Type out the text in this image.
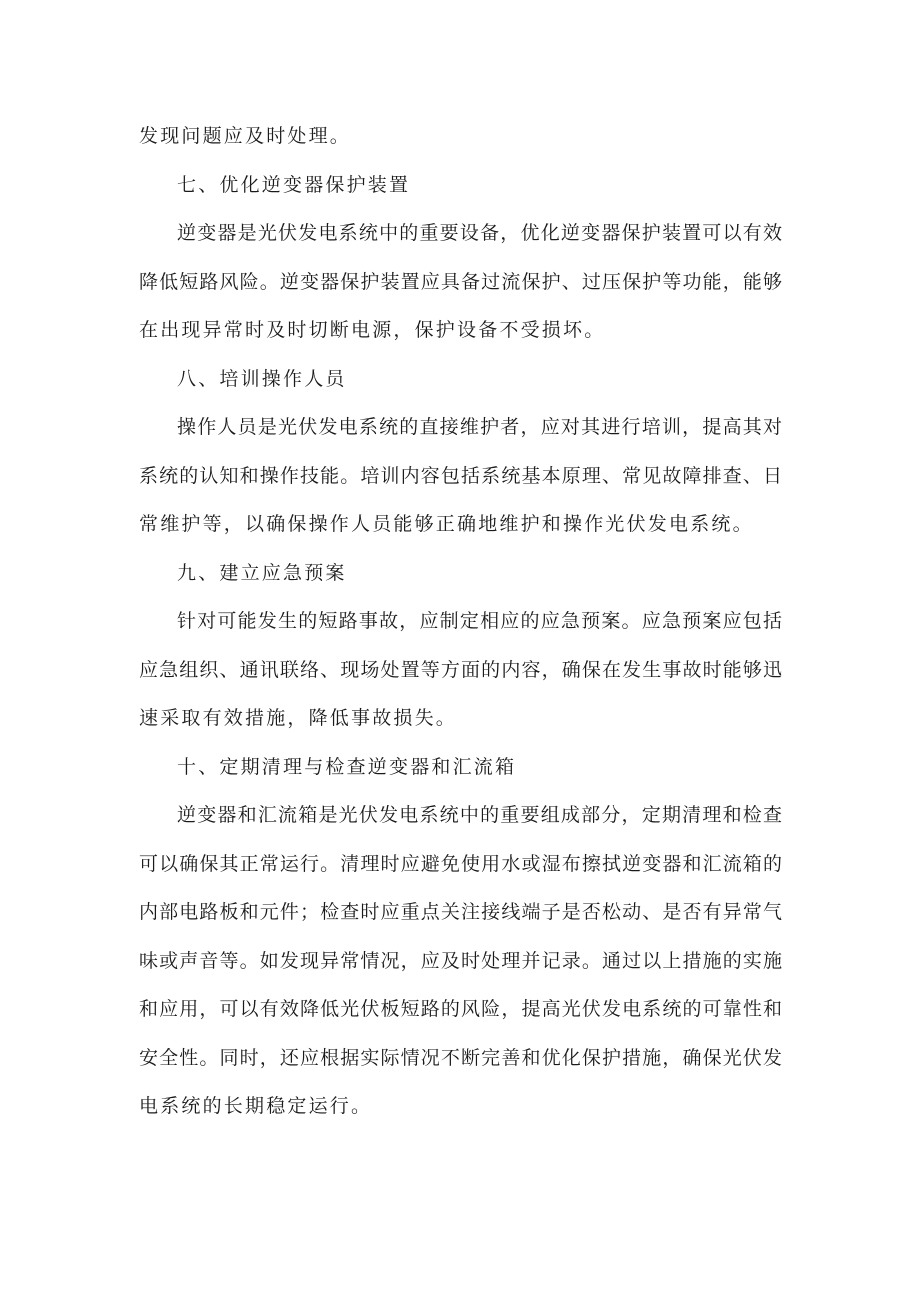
发现问题应及时处理。
七、优化逆变器保护装置
逆变器是光伏发电系统中的重要设备，优化逆变器保护装置可以有效
降低短路风险。逆变器保护装置应具备过流保护、过压保护等功能，能够
在出现异常时及时切断电源，保护设备不受损坏。
八、培训操作人员
操作人员是光伏发电系统的直接维护者，应对其进行培训，提高其对
系统的认知和操作技能。培训内容包括系统基本原理、常见故障排查、日
常维护等，以确保操作人员能够正确地维护和操作光伏发电系统。
九、建立应急预案
针对可能发生的短路事故，应制定相应的应急预案。应急预案应包括
应急组织、通讯联络、现场处置等方面的内容，确保在发生事故时能够迅
速采取有效措施，降低事故损失。
十、定期清理与检查逆变器和汇流箱
逆变器和汇流箱是光伏发电系统中的重要组成部分，定期清理和检查
可以确保其正常运行。清理时应避免使用水或湿布擦拭逆变器和汇流箱的
内部电路板和元件；检查时应重点关注接线端子是否松动、是否有异常气
味或声音等。如发现异常情况，应及时处理并记录。通过以上措施的实施
和应用，可以有效降低光伏板短路的风险，提高光伏发电系统的可靠性和
安全性。同时，还应根据实际情况不断完善和优化保护措施，确保光伏发
电系统的长期稳定运行。
